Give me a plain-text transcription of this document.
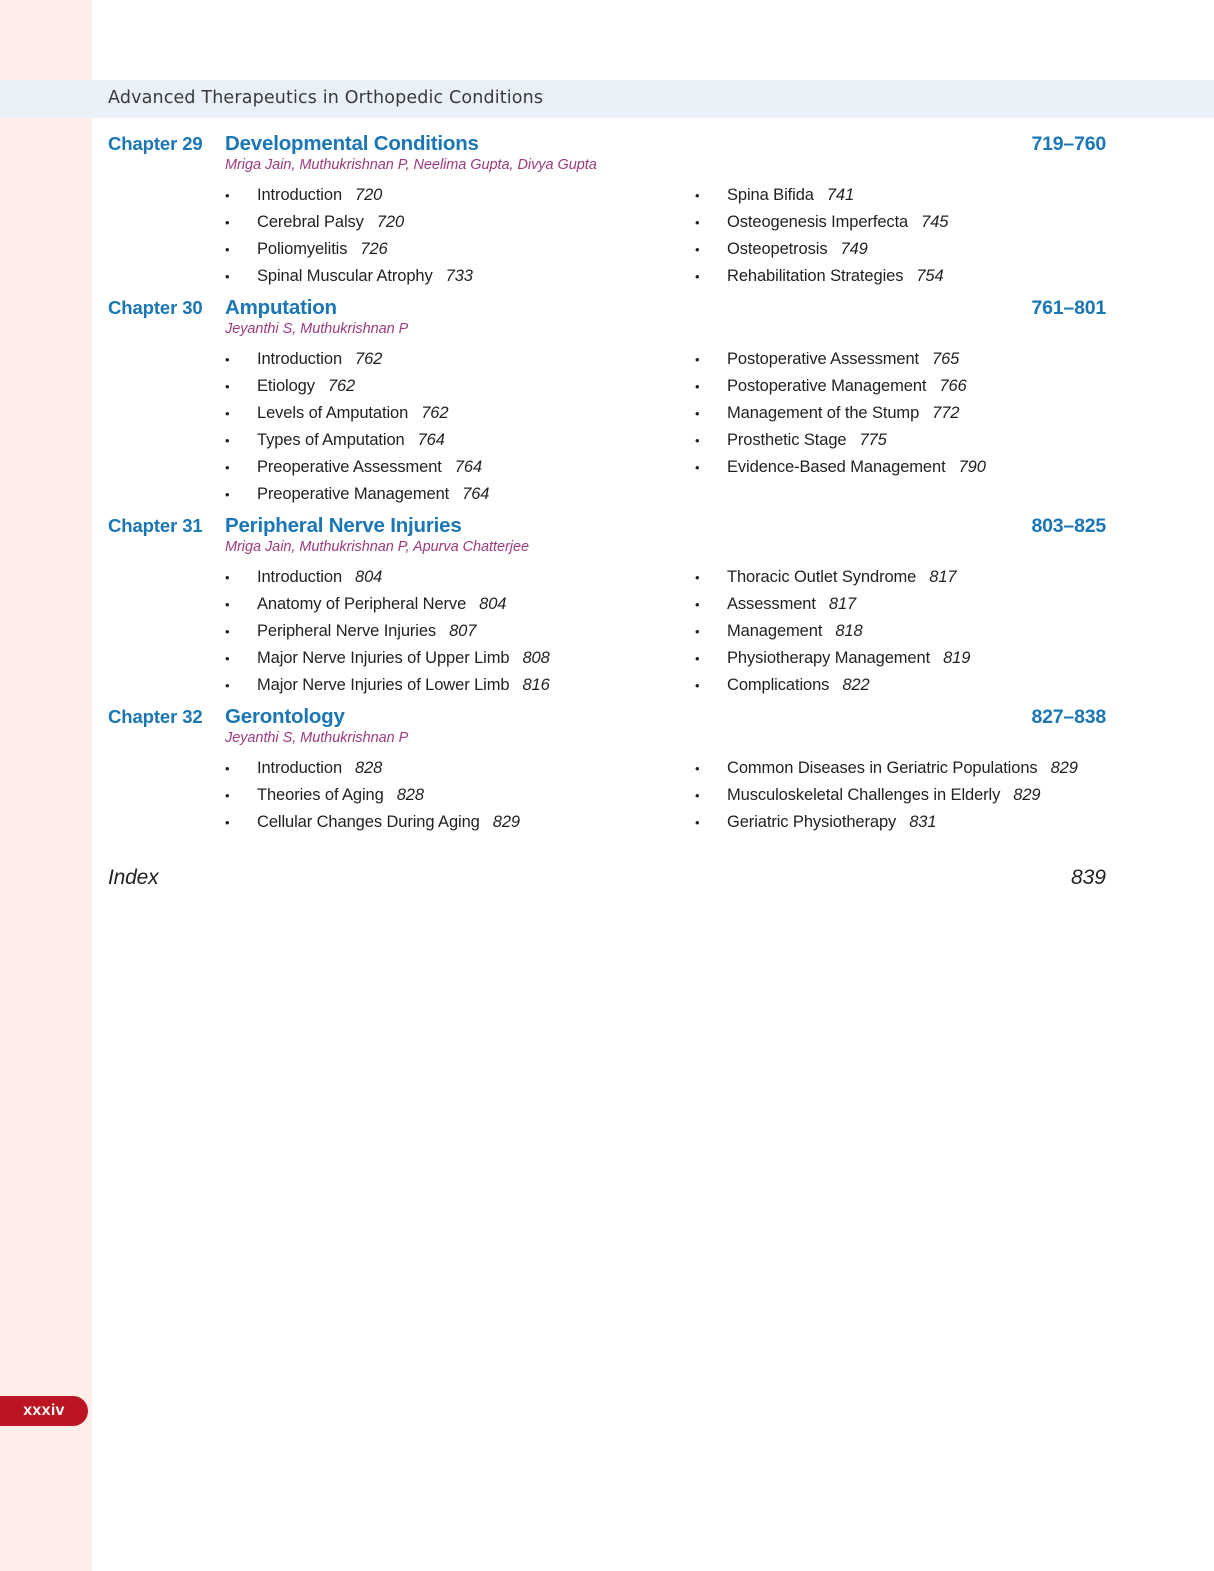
Advanced Therapeutics in Orthopedic Conditions
Chapter 29	Developmental Conditions .....	719–760
Mriga Jain, Muthukrishnan P, Neelima Gupta, Divya Gupta
•	Introduction 720
•	Cerebral Palsy 720
•	Poliomyelitis 726
•	Spinal Muscular Atrophy 733
•	Spina Bifida 741
•	Osteogenesis Imperfecta 745
•	Osteopetrosis 749
•	Rehabilitation Strategies 754
Chapter 30	Amputation .....	761–801
Jeyanthi S, Muthukrishnan P
•	Introduction 762
•	Etiology 762
•	Levels of Amputation 762
•	Types of Amputation 764
•	Preoperative Assessment 764
•	Preoperative Management 764
•	Postoperative Assessment 765
•	Postoperative Management 766
•	Management of the Stump 772
•	Prosthetic Stage 775
•	Evidence-Based Management 790
Chapter 31	Peripheral Nerve Injuries .....	803–825
Mriga Jain, Muthukrishnan P, Apurva Chatterjee
•	Introduction 804
•	Anatomy of Peripheral Nerve 804
•	Peripheral Nerve Injuries 807
•	Major Nerve Injuries of Upper Limb 808
•	Major Nerve Injuries of Lower Limb 816
•	Thoracic Outlet Syndrome 817
•	Assessment 817
•	Management 818
•	Physiotherapy Management 819
•	Complications 822
Chapter 32	Gerontology .....	827–838
Jeyanthi S, Muthukrishnan P
•	Introduction 828
•	Theories of Aging 828
•	Cellular Changes During Aging 829
•	Common Diseases in Geriatric Populations 829
•	Musculoskeletal Challenges in Elderly 829
•	Geriatric Physiotherapy 831
Index .....	839
xxxiv
